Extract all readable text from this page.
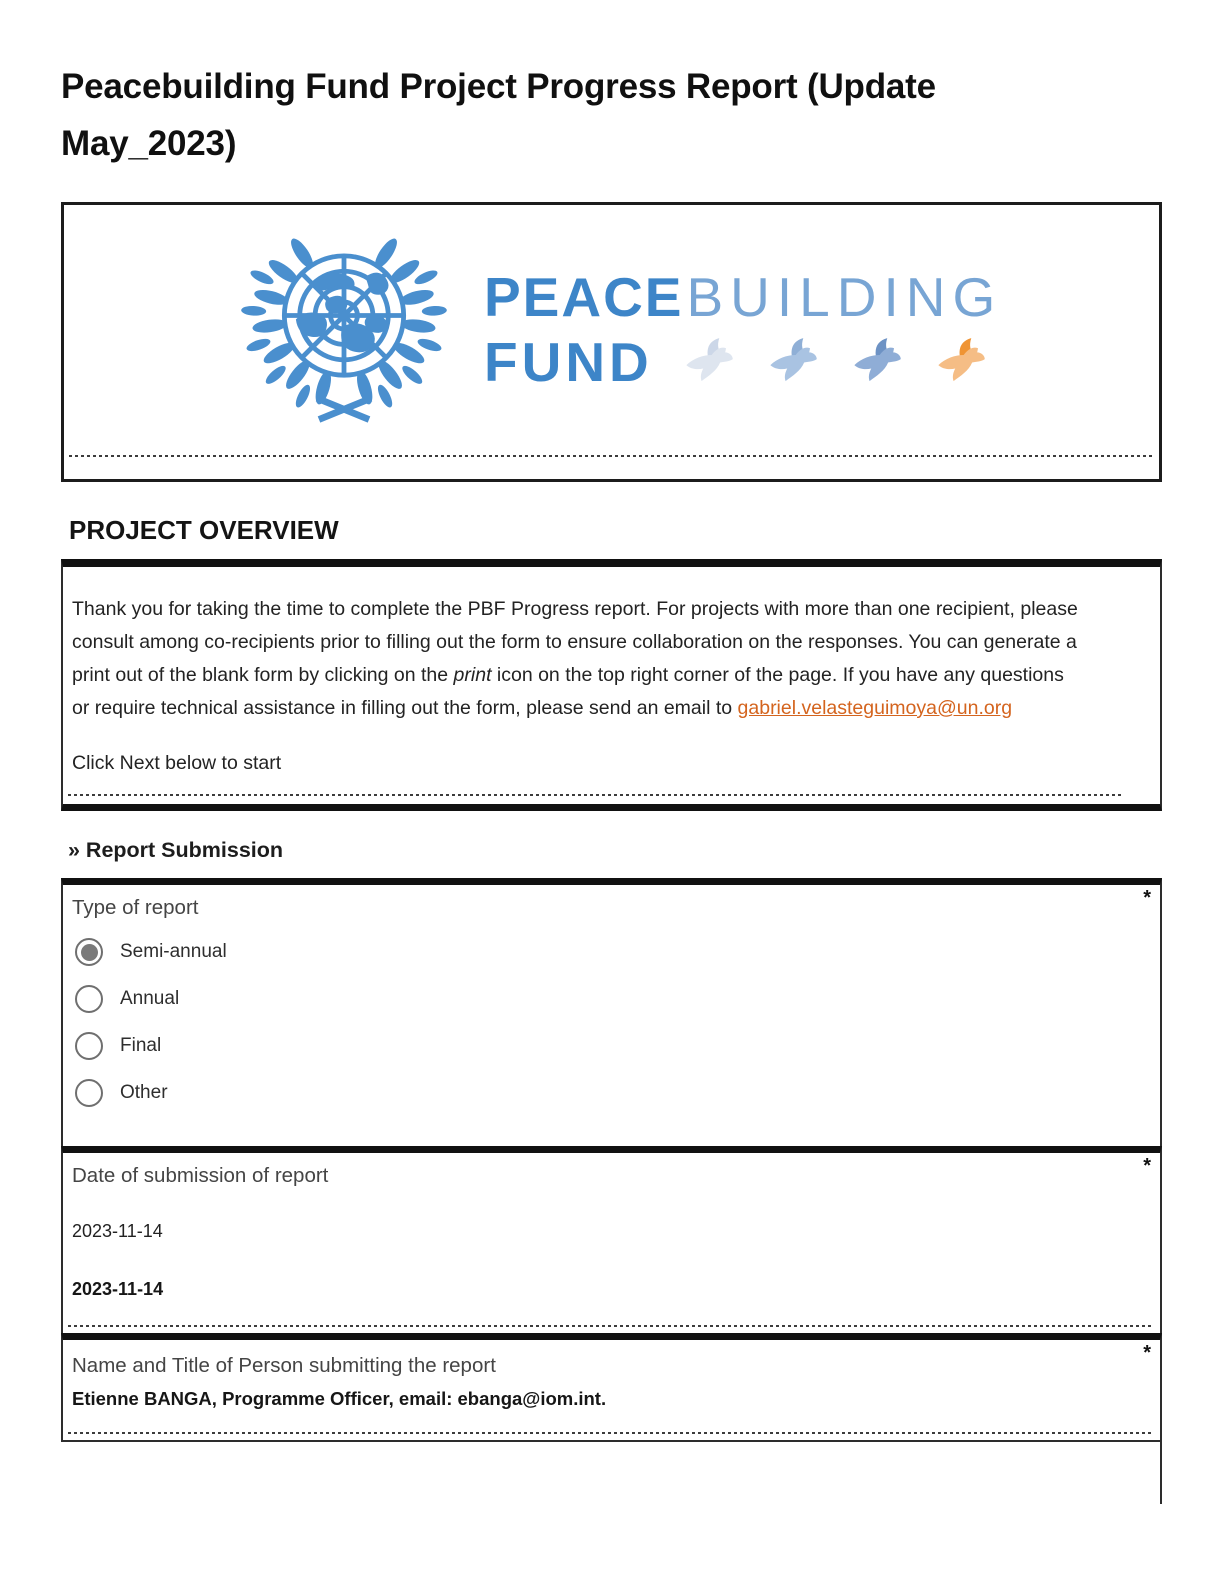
Peacebuilding Fund Project Progress Report (Update May_2023)
PEACEBUILDING
FUND
PROJECT OVERVIEW

Thank you for taking the time to complete the PBF Progress report. For projects with more than one recipient, please consult among co-recipients prior to filling out the form to ensure collaboration on the responses. You can generate a print out of the blank form by clicking on the print icon on the top right corner of the page. If you have any questions or require technical assistance in filling out the form, please send an email to gabriel.velasteguimoya@un.org

Click Next below to start

» Report Submission
*
Type of report
Semi-annual
Annual
Final
Other
*
Date of submission of report
2023-11-14
2023-11-14
*
Name and Title of Person submitting the report
Etienne BANGA, Programme Officer, email: ebanga@iom.int.
